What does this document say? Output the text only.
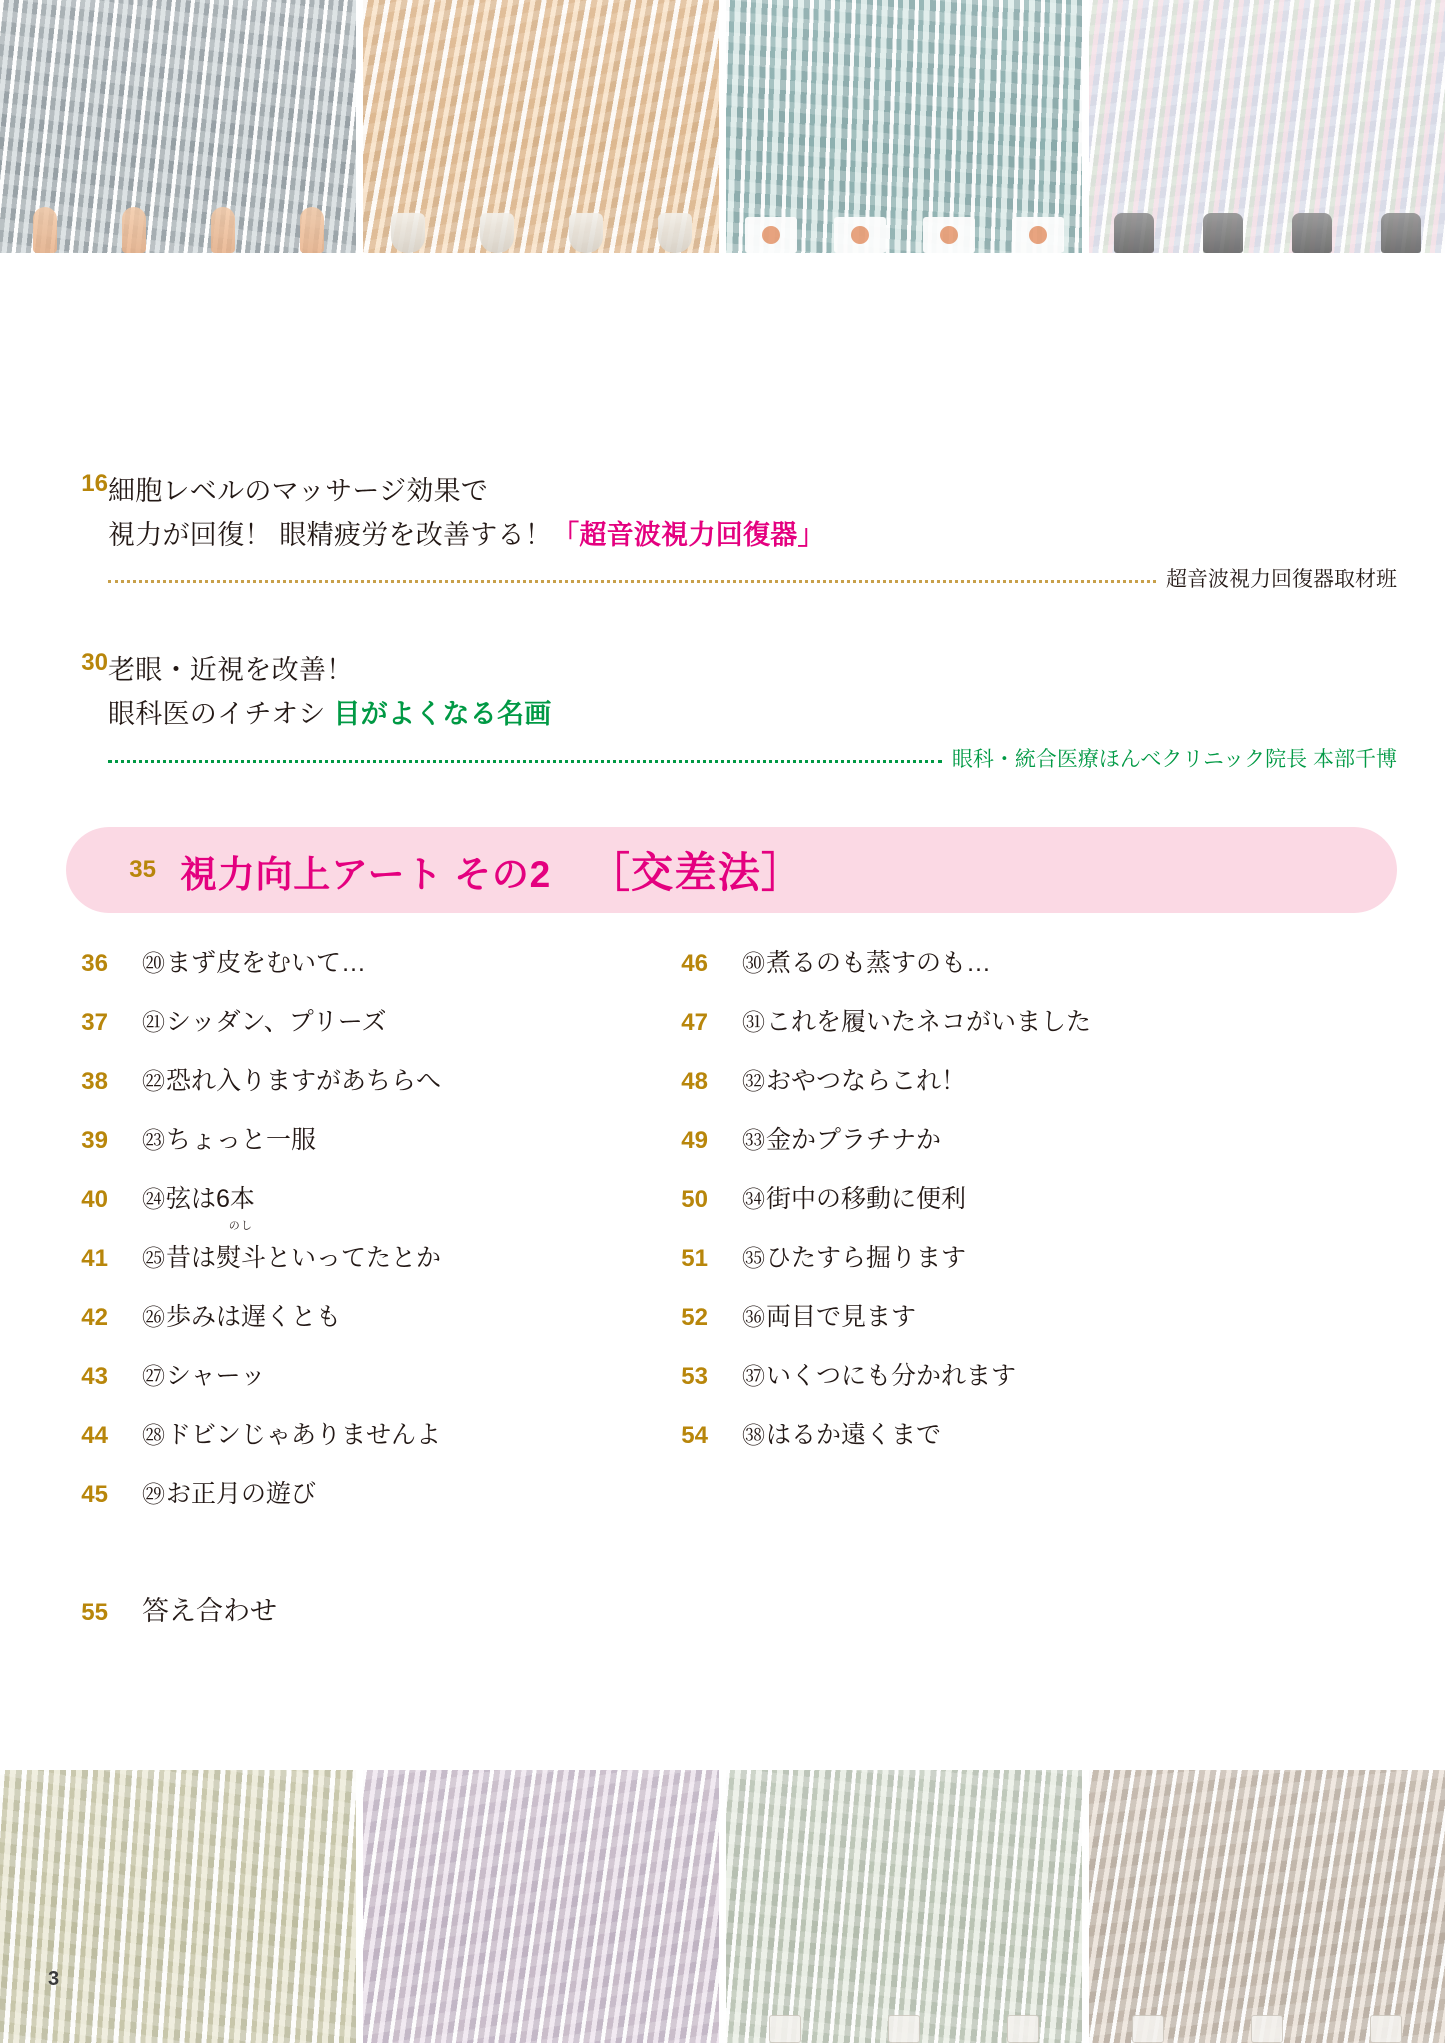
16 細胞レベルのマッサージ効果で
視力が回復！ 眼精疲労を改善する！「超音波視力回復器」
超音波視力回復器取材班
30 老眼・近視を改善！
眼科医のイチオシ 目がよくなる名画
眼科・統合医療ほんべクリニック院長 本部千博
35 視力向上アート その2 ［交差法］
36 ⑳まず皮をむいて…
37 ㉑シッダン、プリーズ
38 ㉒恐れ入りますがあちらへ
39 ㉓ちょっと一服
40 ㉔弦は6本
41 ㉕昔は
のし
熨斗といってたとか
42 ㉖歩みは遅くとも
43 ㉗シャーッ
44 ㉘ドビンじゃありませんよ
45 ㉙お正月の遊び
46 ㉚煮るのも蒸すのも…
47 ㉛これを履いたネコがいました
48 ㉜おやつならこれ！
49 ㉝金かプラチナか
50 ㉞街中の移動に便利
51 ㉟ひたすら掘ります
52 ㊱両目で見ます
53 ㊲いくつにも分かれます
54 ㊳はるか遠くまで
55 答え合わせ
3
